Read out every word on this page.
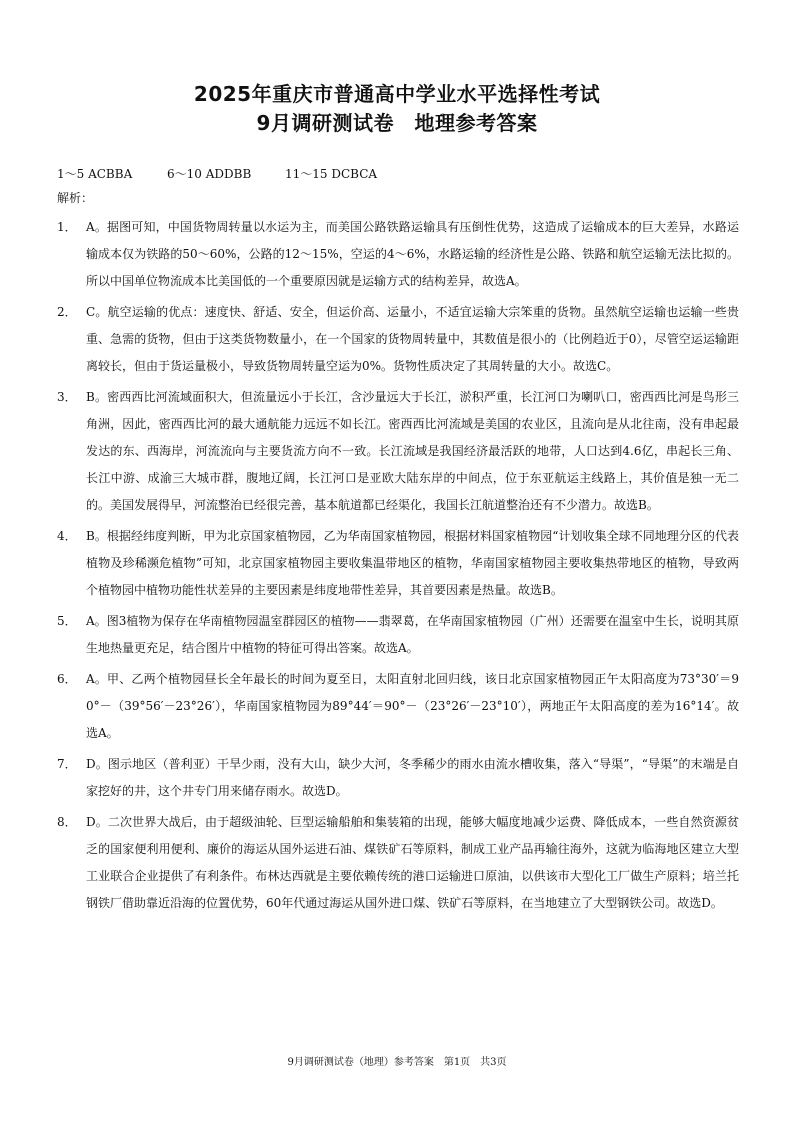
2025年重庆市普通高中学业水平选择性考试
9月调研测试卷　地理参考答案
1～5 ACBBA	6～10 ADDBB	11～15 DCBCA
解析：
1． A。据图可知，中国货物周转量以水运为主，而美国公路铁路运输具有压倒性优势，这造成了运输成本的巨大差异，水路运输成本仅为铁路的50～60%，公路的12～15%，空运的4～6%，水路运输的经济性是公路、铁路和航空运输无法比拟的。所以中国单位物流成本比美国低的一个重要原因就是运输方式的结构差异，故选A。
2． C。航空运输的优点：速度快、舒适、安全，但运价高、运量小，不适宜运输大宗笨重的货物。虽然航空运输也运输一些贵重、急需的货物，但由于这类货物数量小，在一个国家的货物周转量中，其数值是很小的（比例趋近于0），尽管空运运输距离较长，但由于货运量极小，导致货物周转量空运为0%。货物性质决定了其周转量的大小。故选C。
3． B。密西西比河流域面积大，但流量远小于长江，含沙量远大于长江，淤积严重，长江河口为喇叭口，密西西比河是鸟形三角洲，因此，密西西比河的最大通航能力远远不如长江。密西西比河流域是美国的农业区，且流向是从北往南，没有串起最发达的东、西海岸，河流流向与主要货流方向不一致。长江流域是我国经济最活跃的地带，人口达到4.6亿，串起长三角、长江中游、成渝三大城市群，腹地辽阔，长江河口是亚欧大陆东岸的中间点，位于东亚航运主线路上，其价值是独一无二的。美国发展得早，河流整治已经很完善，基本航道都已经渠化，我国长江航道整治还有不少潜力。故选B。
4． B。根据经纬度判断，甲为北京国家植物园，乙为华南国家植物园，根据材料国家植物园“计划收集全球不同地理分区的代表植物及珍稀濒危植物”可知，北京国家植物园主要收集温带地区的植物，华南国家植物园主要收集热带地区的植物，导致两个植物园中植物功能性状差异的主要因素是纬度地带性差异，其首要因素是热量。故选B。
5． A。图3植物为保存在华南植物园温室群园区的植物——翡翠葛，在华南国家植物园（广州）还需要在温室中生长，说明其原生地热量更充足，结合图片中植物的特征可得出答案。故选A。
6． A。甲、乙两个植物园昼长全年最长的时间为夏至日，太阳直射北回归线，该日北京国家植物园正午太阳高度为73°30′＝90°－（39°56′－23°26′），华南国家植物园为89°44′＝90°－（23°26′－23°10′），两地正午太阳高度的差为16°14′。故选A。
7． D。图示地区（普利亚）干旱少雨，没有大山，缺少大河，冬季稀少的雨水由流水槽收集，落入“导渠”，“导渠”的末端是自家挖好的井，这个井专门用来储存雨水。故选D。
8． D。二次世界大战后，由于超级油轮、巨型运输船舶和集装箱的出现，能够大幅度地减少运费、降低成本，一些自然资源贫乏的国家便利用便利、廉价的海运从国外运进石油、煤铁矿石等原料，制成工业产品再输往海外，这就为临海地区建立大型工业联合企业提供了有利条件。布林达西就是主要依赖传统的港口运输进口原油，以供该市大型化工厂做生产原料；培兰托钢铁厂借助靠近沿海的位置优势，60年代通过海运从国外进口煤、铁矿石等原料，在当地建立了大型钢铁公司。故选D。
9月调研测试卷（地理）参考答案　第1页　共3页
